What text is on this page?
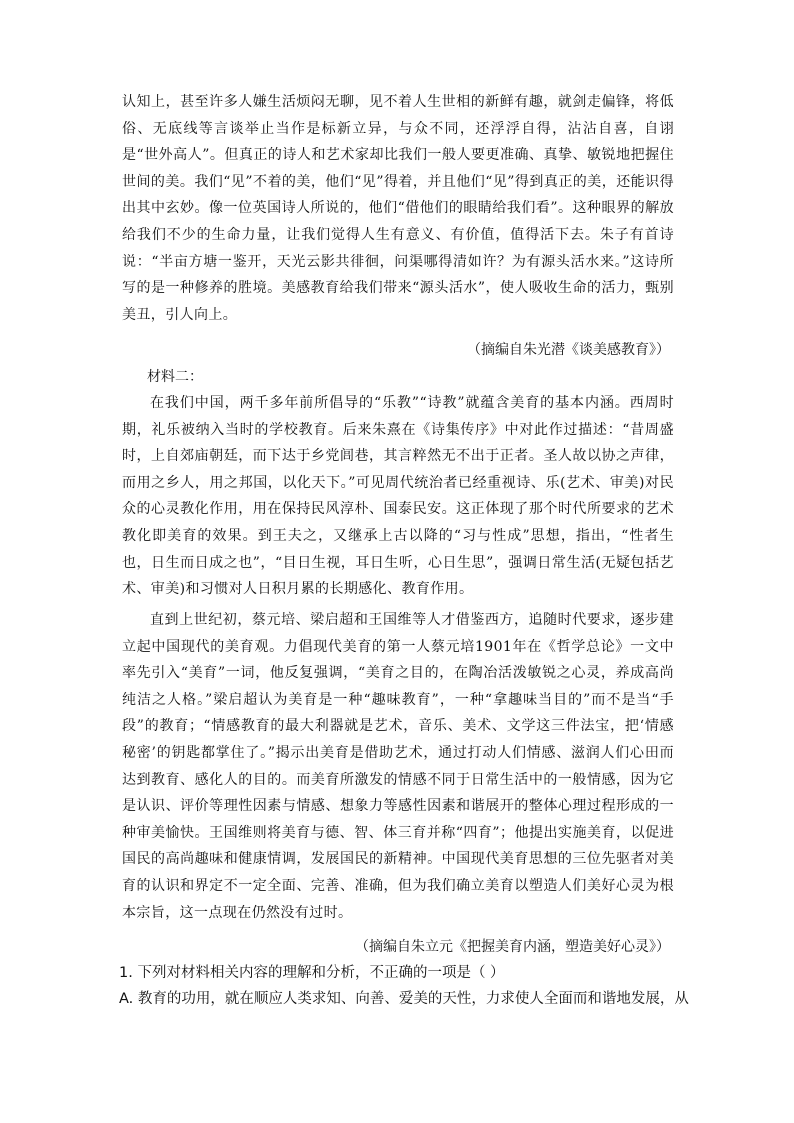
认知上，甚至许多人嫌生活烦闷无聊，见不着人生世相的新鲜有趣，就剑走偏锋，将低俗、无底线等言谈举止当作是标新立异，与众不同，还浮浮自得，沾沾自喜，自诩是“世外高人”。但真正的诗人和艺术家却比我们一般人要更准确、真挚、敏锐地把握住世间的美。我们“见”不着的美，他们“见”得着，并且他们“见”得到真正的美，还能识得出其中玄妙。像一位英国诗人所说的，他们“借他们的眼睛给我们看”。这种眼界的解放给我们不少的生命力量，让我们觉得人生有意义、有价值，值得活下去。朱子有首诗说：“半亩方塘一鉴开，天光云影共徘徊，问渠哪得清如许？为有源头活水来。”这诗所写的是一种修养的胜境。美感教育给我们带来“源头活水”，使人吸收生命的活力，甄别美丑，引人向上。

（摘编自朱光潜《谈美感教育》）

材料二：

在我们中国，两千多年前所倡导的“乐教”“诗教”就蕴含美育的基本内涵。西周时期，礼乐被纳入当时的学校教育。后来朱熹在《诗集传序》中对此作过描述：“昔周盛时，上自郊庙朝廷，而下达于乡党闾巷，其言粹然无不出于正者。圣人故以协之声律，而用之乡人，用之邦国，以化天下。”可见周代统治者已经重视诗、乐(艺术、审美)对民众的心灵教化作用，用在保持民风淳朴、国泰民安。这正体现了那个时代所要求的艺术教化即美育的效果。到王夫之，又继承上古以降的“习与性成”思想，指出，“性者生也，日生而日成之也”，“目日生视，耳日生听，心日生思”，强调日常生活(无疑包括艺术、审美)和习惯对人日积月累的长期感化、教育作用。

直到上世纪初，蔡元培、梁启超和王国维等人才借鉴西方，追随时代要求，逐步建立起中国现代的美育观。力倡现代美育的第一人蔡元培1901年在《哲学总论》一文中率先引入“美育”一词，他反复强调，“美育之目的，在陶冶活泼敏锐之心灵，养成高尚纯洁之人格。”梁启超认为美育是一种“趣味教育”，一种“拿趣味当目的”而不是当“手段”的教育；“情感教育的最大利器就是艺术，音乐、美术、文学这三件法宝，把‘情感秘密’的钥匙都掌住了。”揭示出美育是借助艺术，通过打动人们情感、滋润人们心田而达到教育、感化人的目的。而美育所激发的情感不同于日常生活中的一般情感，因为它是认识、评价等理性因素与情感、想象力等感性因素和谐展开的整体心理过程形成的一种审美愉快。王国维则将美育与德、智、体三育并称“四育”；他提出实施美育，以促进国民的高尚趣味和健康情调，发展国民的新精神。中国现代美育思想的三位先驱者对美育的认识和界定不一定全面、完善、准确，但为我们确立美育以塑造人们美好心灵为根本宗旨，这一点现在仍然没有过时。

（摘编自朱立元《把握美育内涵，塑造美好心灵》）

1. 下列对材料相关内容的理解和分析，不正确的一项是（ ）

A. 教育的功用，就在顺应人类求知、向善、爱美的天性，力求使人全面而和谐地发展，从
